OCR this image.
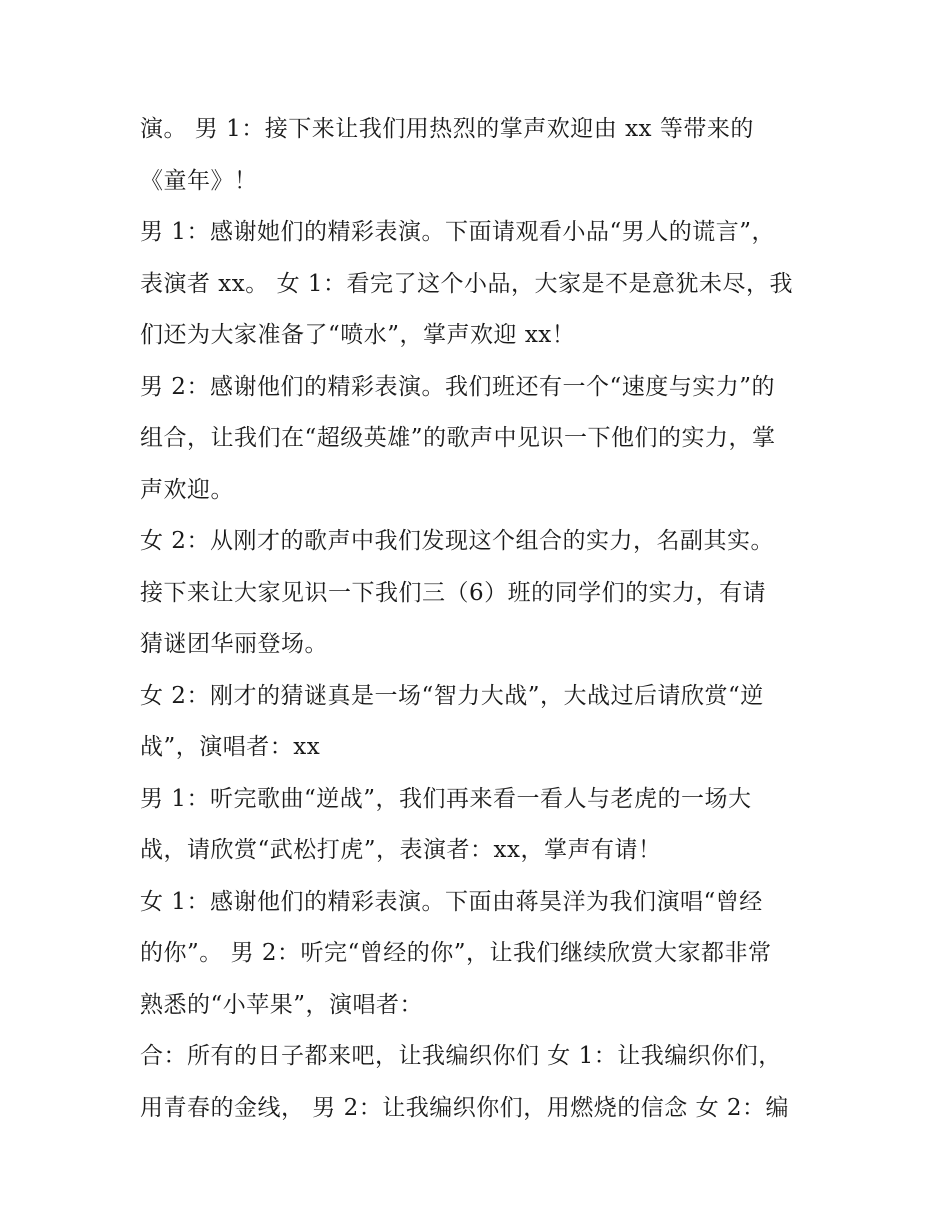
演。 男 1：接下来让我们用热烈的掌声欢迎由 xx 等带来的
《童年》！
男 1：感谢她们的精彩表演。下面请观看小品“男人的谎言”，
表演者 xx。 女 1：看完了这个小品，大家是不是意犹未尽，我
们还为大家准备了“喷水”，掌声欢迎 xx！
男 2：感谢他们的精彩表演。我们班还有一个“速度与实力”的
组合，让我们在“超级英雄”的歌声中见识一下他们的实力，掌
声欢迎。
女 2：从刚才的歌声中我们发现这个组合的实力，名副其实。
接下来让大家见识一下我们三（6）班的同学们的实力，有请
猜谜团华丽登场。
女 2：刚才的猜谜真是一场“智力大战”，大战过后请欣赏“逆
战”，演唱者：xx
男 1：听完歌曲“逆战”，我们再来看一看人与老虎的一场大
战，请欣赏“武松打虎”，表演者：xx，掌声有请！
女 1：感谢他们的精彩表演。下面由蒋昊洋为我们演唱“曾经
的你”。 男 2：听完“曾经的你”，让我们继续欣赏大家都非常
熟悉的“小苹果”，演唱者：
合：所有的日子都来吧，让我编织你们 女 1：让我编织你们，
用青春的金线， 男 2：让我编织你们，用燃烧的信念 女 2：编
